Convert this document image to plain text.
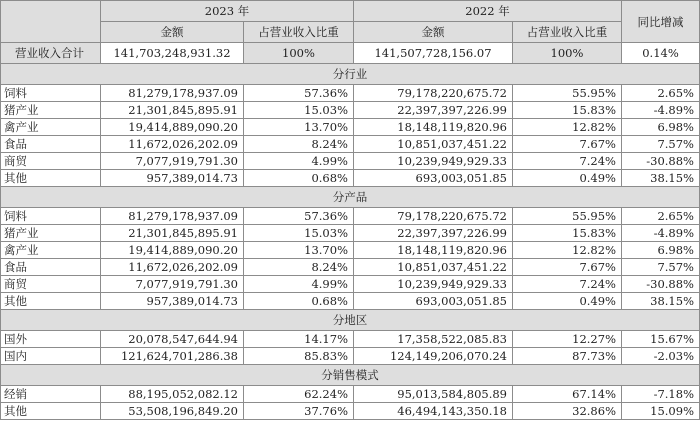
	2023 年		2022 年		同比增减
	金额	占营业收入比重	金额	占营业收入比重	
营业收入合计	141,703,248,931.32	100%	141,507,728,156.07	100%	0.14%
分行业					
饲料	81,279,178,937.09	57.36%	79,178,220,675.72	55.95%	2.65%
猪产业	21,301,845,895.91	15.03%	22,397,397,226.99	15.83%	-4.89%
禽产业	19,414,889,090.20	13.70%	18,148,119,820.96	12.82%	6.98%
食品	11,672,026,202.09	8.24%	10,851,037,451.22	7.67%	7.57%
商贸	7,077,919,791.30	4.99%	10,239,949,929.33	7.24%	-30.88%
其他	957,389,014.73	0.68%	693,003,051.85	0.49%	38.15%
分产品					
饲料	81,279,178,937.09	57.36%	79,178,220,675.72	55.95%	2.65%
猪产业	21,301,845,895.91	15.03%	22,397,397,226.99	15.83%	-4.89%
禽产业	19,414,889,090.20	13.70%	18,148,119,820.96	12.82%	6.98%
食品	11,672,026,202.09	8.24%	10,851,037,451.22	7.67%	7.57%
商贸	7,077,919,791.30	4.99%	10,239,949,929.33	7.24%	-30.88%
其他	957,389,014.73	0.68%	693,003,051.85	0.49%	38.15%
分地区					
国外	20,078,547,644.94	14.17%	17,358,522,085.83	12.27%	15.67%
国内	121,624,701,286.38	85.83%	124,149,206,070.24	87.73%	-2.03%
分销售模式					
经销	88,195,052,082.12	62.24%	95,013,584,805.89	67.14%	-7.18%
其他	53,508,196,849.20	37.76%	46,494,143,350.18	32.86%	15.09%
